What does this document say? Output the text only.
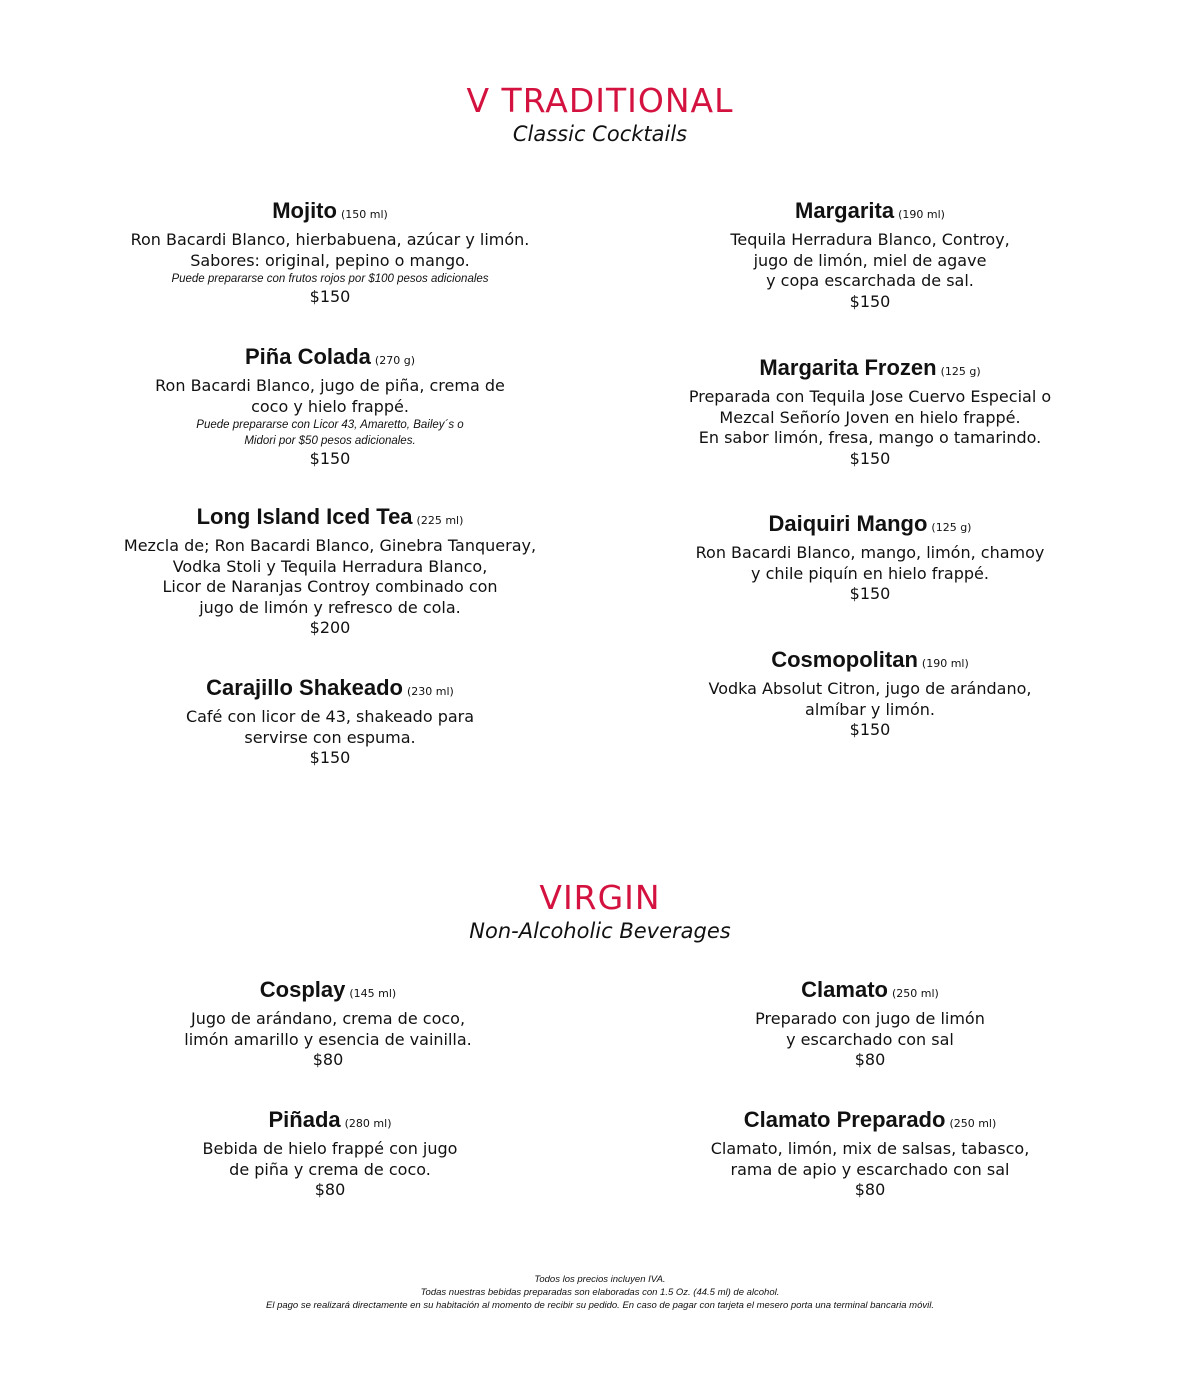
V TRADITIONAL
Classic Cocktails
Mojito (150 ml)
Ron Bacardi Blanco, hierbabuena, azúcar y limón.
Sabores: original, pepino o mango.
Puede prepararse con frutos rojos por $100 pesos adicionales
$150
Margarita (190 ml)
Tequila Herradura Blanco, Controy,
jugo de limón, miel de agave
y copa escarchada de sal.
$150
Piña Colada (270 g)
Ron Bacardi Blanco, jugo de piña, crema de
coco y hielo frappé.
Puede prepararse con Licor 43, Amaretto, Bailey´s o
Midori por $50 pesos adicionales.
$150
Margarita Frozen (125 g)
Preparada con Tequila Jose Cuervo Especial o
Mezcal Señorío Joven en hielo frappé.
En sabor limón, fresa, mango o tamarindo.
$150
Long Island Iced Tea (225 ml)
Mezcla de; Ron Bacardi Blanco, Ginebra Tanqueray,
Vodka Stoli y Tequila Herradura Blanco,
Licor de Naranjas Controy combinado con
jugo de limón y refresco de cola.
$200
Daiquiri Mango (125 g)
Ron Bacardi Blanco, mango, limón, chamoy
y chile piquín en hielo frappé.
$150
Carajillo Shakeado (230 ml)
Café con licor de 43, shakeado para
servirse con espuma.
$150
Cosmopolitan (190 ml)
Vodka Absolut Citron, jugo de arándano,
almíbar y limón.
$150
VIRGIN
Non-Alcoholic Beverages
Cosplay (145 ml)
Jugo de arándano, crema de coco,
limón amarillo y esencia de vainilla.
$80
Clamato (250 ml)
Preparado con jugo de limón
y escarchado con sal
$80
Piñada (280 ml)
Bebida de hielo frappé con jugo
de piña y crema de coco.
$80
Clamato Preparado (250 ml)
Clamato, limón, mix de salsas, tabasco,
rama de apio y escarchado con sal
$80
Todos los precios incluyen IVA.
Todas nuestras bebidas preparadas son elaboradas con 1.5 Oz. (44.5 ml) de alcohol.
El pago se realizará directamente en su habitación al momento de recibir su pedido. En caso de pagar con tarjeta el mesero porta una terminal bancaria móvil.
